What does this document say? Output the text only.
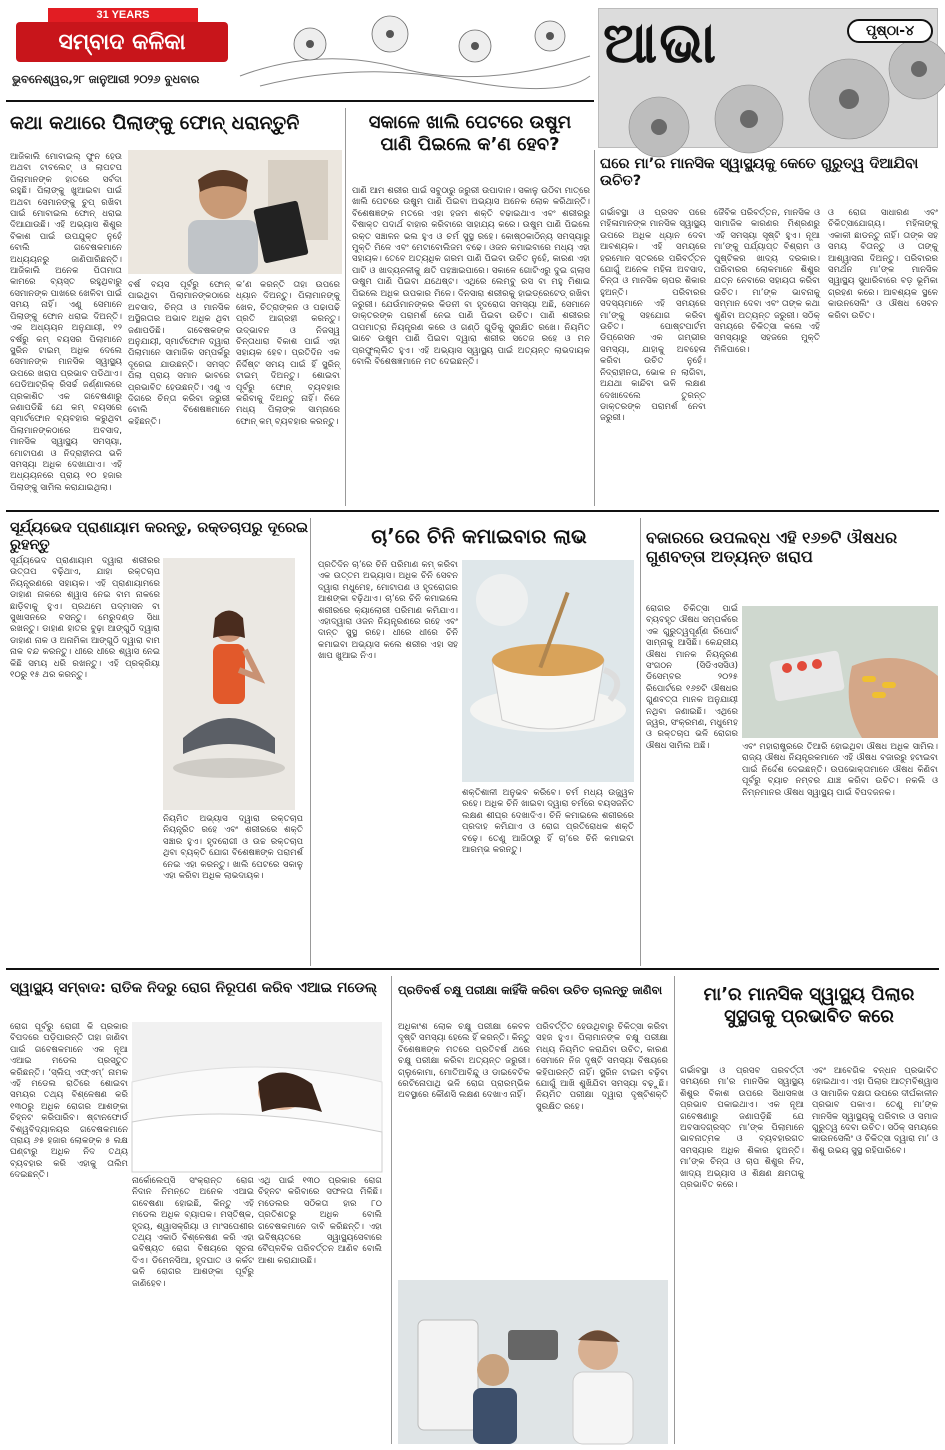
31 YEARS
ସମ୍ବାଦ କଳିକା
ଭୁବନେଶ୍ୱର,୨୮ ଜାନୁଆରୀ ୨୦୨୬ ବୁଧବାର
ଆଭା	ପୃଷ୍ଠା-୪
କଥା କଥାରେ ପିଲାଙ୍କୁ ଫୋନ୍ ଧରାନ୍ତୁନି
ଆଜିକାଲି ମୋବାଇଲ୍ ଫୁନ ହେଉ ଅଥବା ଟାବଲେଟ୍ ଓ ଲାପଟପ ପିଲାମାନଙ୍କ ହାତରେ ସର୍ବଦା ରହୁଛି। ପିଲାଙ୍କୁ ଖୁଆଇବା ପାଇଁ ଅଥବା ସେମାନଙ୍କୁ ଚୁପ୍ ରଖିବା ପାଇଁ ମୋବାଇଲ ଫୋନ୍ ଧରାଇ ଦିଆଯାଉଛି। ଏହି ଅଭ୍ୟାସ ଶିଶୁର ବିକାଶ ପାଇଁ ଉପଯୁକ୍ତ ନୁହେଁ ବୋଲି ଗବେଷକମାନେ ଅଧ୍ୟୟନରୁ ଜାଣିପାରିଛନ୍ତି। ଆଜିକାଲି ଅନେକ ପିତାମାତା କାମରେ ବ୍ୟସ୍ତ ରହୁଥିବାରୁ ସେମାନଙ୍କ ପାଖରେ ଖେଳିବା ପାଇଁ ସମୟ ନାହିଁ। ଏଣୁ ସେମାନେ ପିଲାଙ୍କୁ ଫୋନ ଧରାଇ ଦିଅନ୍ତି। ଏକ ଅଧ୍ୟୟନ ଅନୁଯାୟୀ, ୧୨ ବର୍ଷରୁ କମ୍ ବୟସର ପିଲାମାନେ ସ୍କ୍ରିନ ଟାଇମ୍ ଅଧିକ ଦେଲେ ସେମାନଙ୍କ ମାନସିକ ସ୍ୱାସ୍ଥ୍ୟ ଉପରେ ଖରାପ ପ୍ରଭାବ ପଡିଥାଏ। ପେଡିଆଟ୍ରିକ୍ ରିସର୍ଚ୍ଚ ଜର୍ଣ୍ଣାଲରେ ପ୍ରକାଶିତ ଏକ ଗବେଷଣାରୁ ଜଣାପଡିଛି ଯେ କମ୍ ବୟସରେ ସ୍ମାର୍ଟଫୋନ ବ୍ୟବହାର କରୁଥିବା ପିଲାମାନଙ୍କଠାରେ ଅବସାଦ, ମାନସିକ ସ୍ୱାସ୍ଥ୍ୟ ସମସ୍ୟା, ମୋଟାପଣ ଓ ନିଦ୍ରାହୀନତା ଭଳି ସମସ୍ୟା ଅଧିକ ଦେଖାଯାଏ। ଏହି ଅଧ୍ୟୟନରେ ପ୍ରାୟ ୧୦ ହଜାର ପିଲାଙ୍କୁ ସାମିଲ କରାଯାଇଥିଲା।
ବର୍ଷ ବୟସ ପୂର୍ବରୁ ଫୋନ୍ ପାଇଥିବା ପିଲାମାନଙ୍କଠାରେ ଅବସାଦ, ଚିନ୍ତା ଓ ମାନସିକ ଅସ୍ଥିରତାର ଅଭାବ ଅଧିକ ଥିବା ଜଣାପଡିଛି। ଗବେଷକଙ୍କ ଅନୁଯାୟୀ, ସ୍ମାର୍ଟଫୋନ ଦ୍ୱାରା ପିଲାମାନେ ସାମାଜିକ ସମ୍ପର୍କରୁ ଦୂରେଇ ଯାଉଛନ୍ତି। ସମସ୍ତ ପିଲା ପ୍ରାୟ ସମାନ ଭାବରେ ପ୍ରଭାବିତ ହେଉଛନ୍ତି। ଏଣୁ ଏ ଦିଗରେ ଚିନ୍ତା କରିବା ଜରୁରୀ ବୋଲି ବିଶେଷଜ୍ଞମାନେ କହିଛନ୍ତି।
କ’ଣ କରନ୍ତି ତାହା ଉପରେ ଧ୍ୟାନ ଦିଅନ୍ତୁ। ପିଲାମାନଙ୍କୁ ଖେଳ, ଚିତ୍ରାଙ୍କନ ଓ ପଢାପଢି ପ୍ରତି ଆଗ୍ରହୀ କରନ୍ତୁ। ଉଦ୍ଭାବନ ଓ ନିଜସ୍ୱ ଚିନ୍ତାଧାରା ବିକାଶ ପାଇଁ ଏହା ସହାୟକ ହେବ। ପ୍ରତିଦିନ ଏକ ନିର୍ଦ୍ଦିଷ୍ଟ ସମୟ ପାଇଁ ହିଁ ସ୍କ୍ରିନ୍ ଟାଇମ୍ ଦିଅନ୍ତୁ। ଶୋଇବା ପୂର୍ବରୁ ଫୋନ୍ ବ୍ୟବହାର କରିବାକୁ ଦିଅନ୍ତୁ ନାହିଁ। ନିଜେ ମଧ୍ୟ ପିଲାଙ୍କ ସାମ୍ନାରେ ଫୋନ୍ କମ୍ ବ୍ୟବହାର କରନ୍ତୁ।
ସକାଳେ ଖାଲି ପେଟରେ ଉଷୁମ ପାଣି ପିଇଲେ କ’ଣ ହେବ?
ପାଣି ଆମ ଶରୀର ପାଇଁ ସବୁଠାରୁ ଜରୁରୀ ଉପାଦାନ। ସକାଳୁ ଉଠିବା ମାତ୍ରେ ଖାଲି ପେଟରେ ଉଷୁମ ପାଣି ପିଇବା ଅଭ୍ୟାସ ଅନେକ ଲୋକ କରିଥାନ୍ତି। ବିଶେଷଜ୍ଞଙ୍କ ମତରେ ଏହା ହଜମ ଶକ୍ତି ବଢାଇଥାଏ ଏବଂ ଶରୀରରୁ ବିଷାକ୍ତ ପଦାର୍ଥ ବାହାର କରିବାରେ ସାହାଯ୍ୟ କରେ। ଉଷୁମ ପାଣି ପିଇଲେ ରକ୍ତ ସଞ୍ଚାଳନ ଭଲ ହୁଏ ଓ ଚର୍ମ ସୁସ୍ଥ ରହେ। କୋଷ୍ଠକାଠିନ୍ୟ ସମସ୍ୟାରୁ ମୁକ୍ତି ମିଳେ ଏବଂ ମେଟାବୋଲିଜମ ବଢେ। ଓଜନ କମାଇବାରେ ମଧ୍ୟ ଏହା ସହାୟକ। ତେବେ ଅତ୍ୟଧିକ ଗରମ ପାଣି ପିଇବା ଉଚିତ ନୁହେଁ, କାରଣ ଏହା ପାଟି ଓ ଖାଦ୍ୟନଳୀକୁ କ୍ଷତି ପହଞ୍ଚାଇପାରେ। ସକାଳେ ଗୋଟିଏରୁ ଦୁଇ ଗ୍ଲାସ ଉଷୁମ ପାଣି ପିଇବା ଯଥେଷ୍ଟ। ଏଥିରେ ଲେମ୍ବୁ ରସ ବା ମହୁ ମିଶାଇ ପିଇଲେ ଅଧିକ ଉପକାର ମିଳେ। ଦିନସାରା ଶରୀରକୁ ହାଇଡ୍ରେଟେଡ୍ ରଖିବା ଜରୁରୀ। ଯେଉଁମାନଙ୍କର କିଡନୀ ବା ହୃଦରୋଗ ସମସ୍ୟା ଅଛି, ସେମାନେ ଡାକ୍ତରଙ୍କ ପରାମର୍ଶ ନେଇ ପାଣି ପିଇବା ଉଚିତ। ପାଣି ଶରୀରର ତାପମାତ୍ରା ନିୟନ୍ତ୍ରଣ କରେ ଓ ଗଣ୍ଠି ଗୁଡିକୁ ସୁରକ୍ଷିତ ରଖେ। ନିୟମିତ ଭାବେ ଉଷୁମ ପାଣି ପିଇବା ଦ୍ୱାରା ଶରୀର ସତେଜ ରହେ ଓ ମନ ପ୍ରଫୁଲ୍ଲିତ ହୁଏ। ଏହି ଅଭ୍ୟାସ ସ୍ୱାସ୍ଥ୍ୟ ପାଇଁ ଅତ୍ୟନ୍ତ ଲାଭଦାୟକ ବୋଲି ବିଶେଷଜ୍ଞମାନେ ମତ ଦେଇଛନ୍ତି।
ଘରେ ମା’ର ମାନସିକ ସ୍ୱାସ୍ଥ୍ୟକୁ କେତେ ଗୁରୁତ୍ୱ ଦିଆଯିବା ଉଚିତ?
ଗର୍ଭାବସ୍ଥା ଓ ପ୍ରସବ ପରେ ମହିଳାମାନଙ୍କ ମାନସିକ ସ୍ୱାସ୍ଥ୍ୟ ଉପରେ ଅଧିକ ଧ୍ୟାନ ଦେବା ଆବଶ୍ୟକ। ଏହି ସମୟରେ ହରମୋନ ସ୍ତରରେ ପରିବର୍ତ୍ତନ ଯୋଗୁଁ ଅନେକ ମହିଳା ଅବସାଦ, ଚିନ୍ତା ଓ ମାନସିକ ଚାପର ଶିକାର ହୁଅନ୍ତି। ପରିବାରର ସଦସ୍ୟମାନେ ଏହି ସମୟରେ ମା’ଙ୍କୁ ସହଯୋଗ କରିବା ଉଚିତ। ପୋଷ୍ଟପାର୍ଟମ ଡିପ୍ରେସନ ଏକ ଗମ୍ଭୀର ସମସ୍ୟା, ଯାହାକୁ ଅବହେଳା କରିବା ଉଚିତ ନୁହେଁ। ନିଦ୍ରାହୀନତା, ଭୋକ ନ ଲାଗିବା, ଅଯଥା କାନ୍ଦିବା ଭଳି ଲକ୍ଷଣ ଦେଖାଦେଲେ ତୁରନ୍ତ ଡାକ୍ତରଙ୍କ ପରାମର୍ଶ ନେବା ଜରୁରୀ।
ଜୈବିକ ପରିବର୍ତ୍ତନ, ମାନସିକ ଓ ସାମାଜିକ କାରଣର ମିଶ୍ରଣରୁ ଏହି ସମସ୍ୟା ସୃଷ୍ଟି ହୁଏ। ନୂଆ ମା’ଙ୍କୁ ପର୍ଯ୍ୟାପ୍ତ ବିଶ୍ରାମ ଓ ପୁଷ୍ଟିକର ଖାଦ୍ୟ ଦରକାର। ପରିବାରର ଲୋକମାନେ ଶିଶୁର ଯତ୍ନ ନେବାରେ ସହାୟତା କରିବା ଉଚିତ। ମା’ଙ୍କ ଭାବନାକୁ ସମ୍ମାନ ଦେବା ଏବଂ ତାଙ୍କ କଥା ଶୁଣିବା ଅତ୍ୟନ୍ତ ଜରୁରୀ। ସଠିକ୍ ସମୟରେ ଚିକିତ୍ସା କଲେ ଏହି ସମସ୍ୟାରୁ ସହଜରେ ମୁକ୍ତି ମିଳିପାରେ।
ଓ ରୋଗ ସାଧାରଣ ଏବଂ ଚିକିତ୍ସାଯୋଗ୍ୟ। ମହିଳାଙ୍କୁ ଏକାକୀ ଛାଡନ୍ତୁ ନାହିଁ। ତାଙ୍କ ସହ ସମୟ ବିତାନ୍ତୁ ଓ ତାଙ୍କୁ ଆଶ୍ୱାସନା ଦିଅନ୍ତୁ। ପରିବାରର ସମର୍ଥନ ମା’ଙ୍କ ମାନସିକ ସ୍ୱାସ୍ଥ୍ୟ ସୁଧାରିବାରେ ବଡ଼ ଭୂମିକା ଗ୍ରହଣ କରେ। ଆବଶ୍ୟକ ସ୍ଥଳେ କାଉନସେଲିଂ ଓ ଔଷଧ ସେବନ କରିବା ଉଚିତ।
ସୂର୍ଯ୍ୟଭେଦ ପ୍ରାଣାୟାମ କରନ୍ତୁ, ରକ୍ତଚାପରୁ ଦୂରେଇ ରୁହନ୍ତୁ
ସୂର୍ଯ୍ୟଭେଦ ପ୍ରାଣାୟାମ ଦ୍ୱାରା ଶରୀରର ଉତ୍ତାପ ବଢ଼ିଥାଏ, ଯାହା ରକ୍ତଚାପ ନିୟନ୍ତ୍ରଣରେ ସହାୟକ। ଏହି ପ୍ରାଣାୟାମରେ ଡାହାଣ ନାକରେ ଶ୍ୱାସ ନେଇ ବାମ ନାକରେ ଛାଡ଼ିବାକୁ ହୁଏ। ପ୍ରଥମେ ପଦ୍ମାସନ ବା ସୁଖାସନରେ ବସନ୍ତୁ। ମେରୁଦଣ୍ଡ ସିଧା ରଖନ୍ତୁ। ଡାହାଣ ହାତର ବୁଢ଼ା ଆଙ୍ଗୁଠି ଦ୍ୱାରା ଡାହାଣ ନାକ ଓ ଅନାମିକା ଆଙ୍ଗୁଠି ଦ୍ୱାରା ବାମ ନାକ ବନ୍ଦ କରନ୍ତୁ। ଧୀରେ ଧୀରେ ଶ୍ୱାସ ନେଇ କିଛି ସମୟ ଧରି ରଖନ୍ତୁ। ଏହି ପ୍ରକ୍ରିୟା ୧୦ରୁ ୧୫ ଥର କରନ୍ତୁ।
ନିୟମିତ ଅଭ୍ୟାସ ଦ୍ୱାରା ରକ୍ତଚାପ ନିୟନ୍ତ୍ରିତ ରହେ ଏବଂ ଶରୀରରେ ଶକ୍ତି ସଞ୍ଚାର ହୁଏ। ହୃଦରୋଗୀ ଓ ଉଚ୍ଚ ରକ୍ତଚାପ ଥିବା ବ୍ୟକ୍ତି ଯୋଗ ବିଶେଷଜ୍ଞଙ୍କ ପରାମର୍ଶ ନେଇ ଏହା କରନ୍ତୁ। ଖାଲି ପେଟରେ ସକାଳୁ ଏହା କରିବା ଅଧିକ ଲାଭଦାୟକ।
ଚା’ରେ ଚିନି କମାଇବାର ଲାଭ
ପ୍ରତିଦିନ ଚା’ରେ ଚିନି ପରିମାଣ କମ୍ କରିବା ଏକ ଉତ୍ତମ ଅଭ୍ୟାସ। ଅଧିକ ଚିନି ସେବନ ଦ୍ୱାରା ମଧୁମେହ, ମୋଟାପଣ ଓ ହୃଦରୋଗର ଆଶଙ୍କା ବଢ଼ିଥାଏ। ଚା’ରେ ଚିନି କମାଇଲେ ଶରୀରରେ କ୍ୟାଲୋରୀ ପରିମାଣ କମିଯାଏ। ଏହାଦ୍ୱାରା ଓଜନ ନିୟନ୍ତ୍ରଣରେ ରହେ ଏବଂ ଦାନ୍ତ ସୁସ୍ଥ ରହେ। ଧୀରେ ଧୀରେ ଚିନି କମାଇବା ଅଭ୍ୟାସ କଲେ ଶରୀର ଏହା ସହ ଖାପ ଖୁଆଇ ନିଏ।
ଶକ୍ତିଶାଳୀ ଅନୁଭବ କରିବେ। ଚର୍ମ ମଧ୍ୟ ଉଜ୍ଜ୍ୱଳ ରହେ। ଅଧିକ ଚିନି ଖାଇବା ଦ୍ୱାରା ଚର୍ମରେ ବୟସଜନିତ ଲକ୍ଷଣ ଶୀଘ୍ର ଦେଖାଦିଏ। ଚିନି କମାଇଲେ ଶରୀରରେ ପ୍ରଦାହ କମିଯାଏ ଓ ରୋଗ ପ୍ରତିରୋଧକ ଶକ୍ତି ବଢ଼େ। ତେଣୁ ଆଜିଠାରୁ ହିଁ ଚା’ରେ ଚିନି କମାଇବା ଆରମ୍ଭ କରନ୍ତୁ।
ବଜାରରେ ଉପଲବ୍ଧ ଏହି ୧୬୭ଟି ଔଷଧର ଗୁଣବତ୍ତା ଅତ୍ୟନ୍ତ ଖରାପ
ରୋଗର ଚିକିତ୍ସା ପାଇଁ ବ୍ୟବହୃତ ଔଷଧ ସମ୍ପର୍କରେ ଏକ ଗୁରୁତ୍ୱପୂର୍ଣ୍ଣ ରିପୋର୍ଟ ସାମ୍ନାକୁ ଆସିଛି। କେନ୍ଦ୍ରୀୟ ଔଷଧ ମାନକ ନିୟନ୍ତ୍ରଣ ସଂଗଠନ (ସିଡିଏସସିଓ) ଡିସେମ୍ବର ୨୦୨୫ ରିପୋର୍ଟରେ ୧୬୭ଟି ଔଷଧର ଗୁଣବତ୍ତା ମାନକ ଅନୁଯାୟୀ ନଥିବା ଜଣାଇଛି। ଏଥିରେ ଜ୍ୱର, ସଂକ୍ରମଣ, ମଧୁମେହ ଓ ରକ୍ତଚାପ ଭଳି ରୋଗର ଔଷଧ ସାମିଲ ଅଛି।	ଏବଂ ମହାରାଷ୍ଟ୍ରରେ ତିଆରି ହୋଇଥିବା ଔଷଧ ଅଧିକ ସାମିଲ। ରାଜ୍ୟ ଔଷଧ ନିୟନ୍ତ୍ରକମାନେ ଏହି ଔଷଧ ବଜାରରୁ ହଟାଇବା ପାଇଁ ନିର୍ଦ୍ଦେଶ ଦେଇଛନ୍ତି। ଉପଭୋକ୍ତାମାନେ ଔଷଧ କିଣିବା ପୂର୍ବରୁ ବ୍ୟାଚ ନମ୍ବର ଯାଞ୍ଚ କରିବା ଉଚିତ। ନକଲି ଓ ନିମ୍ନମାନର ଔଷଧ ସ୍ୱାସ୍ଥ୍ୟ ପାଇଁ ବିପଦଜନକ।
ସ୍ୱାସ୍ଥ୍ୟ ସମ୍ବାଦ: ରାତିକ ନିଦରୁ ରୋଗ ନିରୂପଣ କରିବ ଏଆଇ ମଡେଲ୍
ରୋଗ ପୂର୍ବରୁ ରୋଗୀ କି ପ୍ରକାର ବିପଦରେ ପଡ଼ିପାରନ୍ତି ତାହା ଜାଣିବା ପାଇଁ ଗବେଷକମାନେ ଏକ ନୂଆ ଏଆଇ ମଡେଲ ପ୍ରସ୍ତୁତ କରିଛନ୍ତି। ‘ସ୍ଲିପ୍ ଏଫ୍‌ଏମ୍’ ନାମକ ଏହି ମଡେଲ ରାତିରେ ଶୋଇବା ସମୟର ତଥ୍ୟ ବିଶ୍ଳେଷଣ କରି ୧୩୦ରୁ ଅଧିକ ରୋଗର ଆଶଙ୍କା ଚିହ୍ନଟ କରିପାରିବ। ଷ୍ଟାନଫୋର୍ଡ ବିଶ୍ୱବିଦ୍ୟାଳୟର ଗବେଷକମାନେ ପ୍ରାୟ ୬୫ ହଜାର ଲୋକଙ୍କ ୫ ଲକ୍ଷ ଘଣ୍ଟାରୁ ଅଧିକ ନିଦ ତଥ୍ୟ ବ୍ୟବହାର କରି ଏହାକୁ ତାଲିମ ଦେଇଛନ୍ତି।
ନାର୍କୋଲେପ୍ସି ସଂକ୍ରାନ୍ତ ରୋଗ ନିଦାନ ନିମନ୍ତେ ଅନେକ ଏଆଇ ଗବେଷଣା ହୋଇଛି, କିନ୍ତୁ ଏହି ମଡେଲ ଅଧିକ ବ୍ୟାପକ। ମସ୍ତିଷ୍କ, ହୃଦୟ, ଶ୍ୱାସକ୍ରିୟା ଓ ମାଂସପେଶୀର ତଥ୍ୟ ଏକାଠି ବିଶ୍ଳେଷଣ କରି ଏହା ଭବିଷ୍ୟତ ରୋଗ ବିଷୟରେ ସୂଚନା ଦିଏ। ଡିମେନସିଆ, ହୃଦଘାତ ଓ କର୍କଟ ଭଳି ରୋଗର ଆଶଙ୍କା ପୂର୍ବରୁ ଜାଣିହେବ।
ଏଥି ପାଇଁ ୧୩୦ ପ୍ରକାର ରୋଗ ଚିହ୍ନଟ କରିବାରେ ସଫଳତା ମିଳିଛି। ମଡେଲର ସଠିକତା ହାର ୮୦ ପ୍ରତିଶତରୁ ଅଧିକ ବୋଲି ଗବେଷକମାନେ ଦାବି କରିଛନ୍ତି। ଏହା ଭବିଷ୍ୟତରେ ସ୍ୱାସ୍ଥ୍ୟସେବାରେ ବୈପ୍ଳବିକ ପରିବର୍ତ୍ତନ ଆଣିବ ବୋଲି ଆଶା କରାଯାଉଛି।
ପ୍ରତିବର୍ଷ ଚକ୍ଷୁ ପରୀକ୍ଷା କାହିଁକି କରିବା ଉଚିତ ଚାଲନ୍ତୁ ଜାଣିବା
ଅଧିକାଂଶ ଲୋକ ଚକ୍ଷୁ ପରୀକ୍ଷା କେବଳ ଦୃଷ୍ଟି ସମସ୍ୟା ହେଲେ ହିଁ କରନ୍ତି। କିନ୍ତୁ ବିଶେଷଜ୍ଞଙ୍କ ମତରେ ପ୍ରତିବର୍ଷ ଥରେ ଚକ୍ଷୁ ପରୀକ୍ଷା କରିବା ଅତ୍ୟନ୍ତ ଜରୁରୀ। ଗ୍ଲୁକୋମା, ମୋତିଆବିନ୍ଦୁ ଓ ଡାଇବେଟିକ ରେଟିନୋପାଥି ଭଳି ରୋଗ ପ୍ରାରମ୍ଭିକ ଅବସ୍ଥାରେ କୌଣସି ଲକ୍ଷଣ ଦେଖାଏ ନାହିଁ।
ପରିବର୍ତ୍ତିତ ହେଉଥିବାରୁ ଚିକିତ୍ସା କରିବା ସହଜ ହୁଏ। ପିଲାମାନଙ୍କ ଚକ୍ଷୁ ପରୀକ୍ଷା ମଧ୍ୟ ନିୟମିତ କରାଯିବା ଉଚିତ, କାରଣ ସେମାନେ ନିଜ ଦୃଷ୍ଟି ସମସ୍ୟା ବିଷୟରେ କହିପାରନ୍ତି ନାହିଁ। ସ୍କ୍ରିନ ଟାଇମ ବଢ଼ିବା ଯୋଗୁଁ ଆଖି ଶୁଖିଯିବା ସମସ୍ୟା ବଢ଼ୁଛି। ନିୟମିତ ପରୀକ୍ଷା ଦ୍ୱାରା ଦୃଷ୍ଟିଶକ୍ତି ସୁରକ୍ଷିତ ରହେ।
ମା’ର ମାନସିକ ସ୍ୱାସ୍ଥ୍ୟ ପିଲାର ସୁସ୍ଥତାକୁ ପ୍ରଭାବିତ କରେ
ଗର୍ଭାବସ୍ଥା ଓ ପ୍ରସବ ପରବର୍ତ୍ତୀ ସମୟରେ ମା’ର ମାନସିକ ସ୍ୱାସ୍ଥ୍ୟ ଶିଶୁର ବିକାଶ ଉପରେ ସିଧାସଳଖ ପ୍ରଭାବ ପକାଇଥାଏ। ଏକ ନୂଆ ଗବେଷଣାରୁ ଜଣାପଡ଼ିଛି ଯେ ଅବସାଦଗ୍ରସ୍ତ ମା’ଙ୍କ ପିଲାମାନେ ଭାବନାତ୍ମକ ଓ ବ୍ୟବହାରଗତ ସମସ୍ୟାର ଅଧିକ ଶିକାର ହୁଅନ୍ତି। ମା’ଙ୍କ ଚିନ୍ତା ଓ ଚାପ ଶିଶୁର ନିଦ, ଖାଦ୍ୟ ଅଭ୍ୟାସ ଓ ଶିକ୍ଷଣ କ୍ଷମତାକୁ ପ୍ରଭାବିତ କରେ।
ଏବଂ ଆବେଗିକ ବନ୍ଧନ ପ୍ରଭାବିତ ହୋଇଥାଏ। ଏହା ପିଲାର ଆତ୍ମବିଶ୍ୱାସ ଓ ସାମାଜିକ ଦକ୍ଷତା ଉପରେ ଦୀର୍ଘକାଳୀନ ପ୍ରଭାବ ପକାଏ। ତେଣୁ ମା’ଙ୍କ ମାନସିକ ସ୍ୱାସ୍ଥ୍ୟକୁ ପରିବାର ଓ ସମାଜ ଗୁରୁତ୍ୱ ଦେବା ଉଚିତ। ସଠିକ୍ ସମୟରେ କାଉନସେଲିଂ ଓ ଚିକିତ୍ସା ଦ୍ୱାରା ମା’ ଓ ଶିଶୁ ଉଭୟ ସୁସ୍ଥ ରହିପାରିବେ।
